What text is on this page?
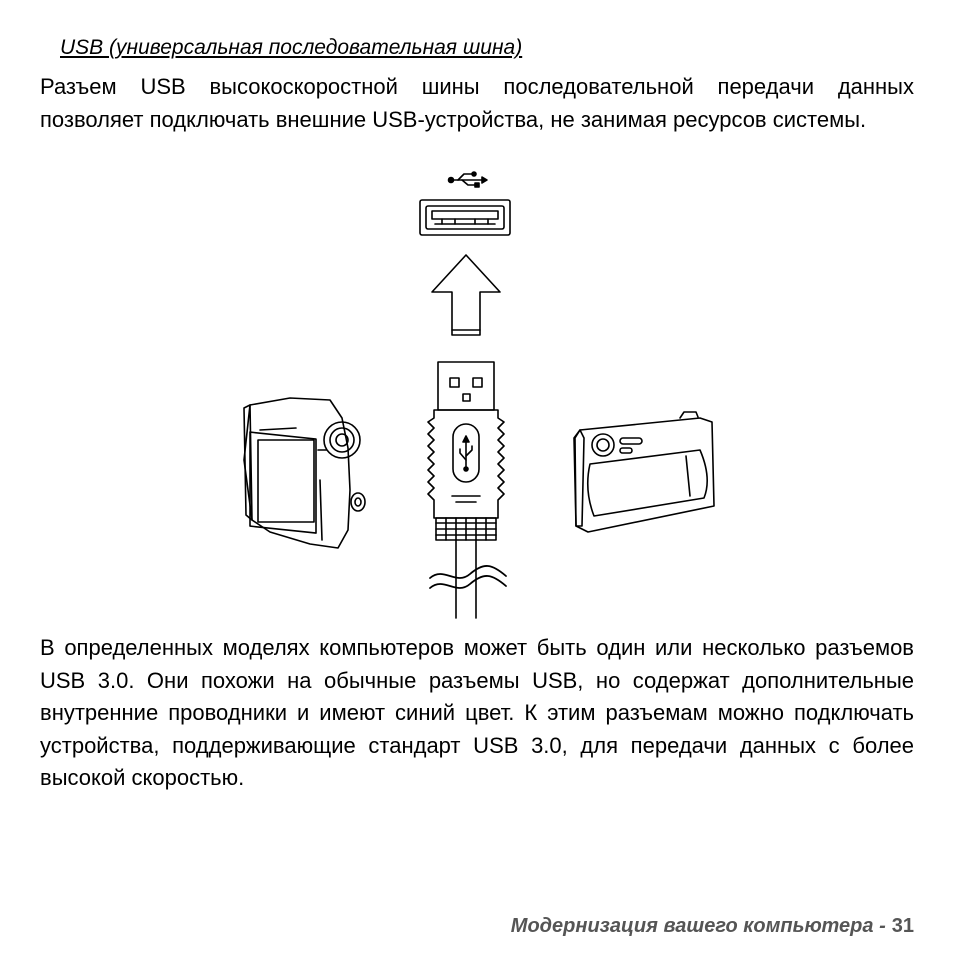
USB (универсальная последовательная шина)

Разъем USB высокоскоростной шины последовательной передачи данных позволяет подключать внешние USB-устройства, не занимая ресурсов системы.

В определенных моделях компьютеров может быть один или несколько разъемов USB 3.0. Они похожи на обычные разъемы USB, но содержат дополнительные внутренние проводники и имеют синий цвет. К этим разъемам можно подключать устройства, поддерживающие стандарт USB 3.0, для передачи данных с более высокой скоростью.

Модернизация вашего компьютера - 31
